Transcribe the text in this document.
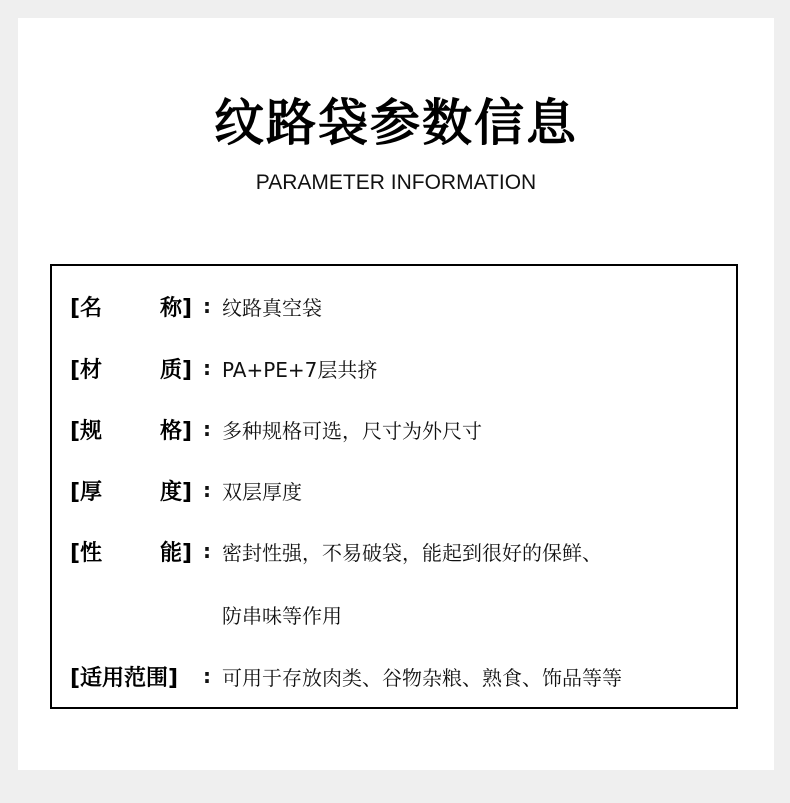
纹路袋参数信息
PARAMETER INFORMATION
[名	称] : 纹路真空袋
[材	质] : PA+PE+7层共挤
[规	格] : 多种规格可选，尺寸为外尺寸
[厚	度] : 双层厚度
[性	能] : 密封性强，不易破袋，能起到很好的保鲜、
防串味等作用
[适用范围]	: 可用于存放肉类、谷物杂粮、熟食、饰品等等
